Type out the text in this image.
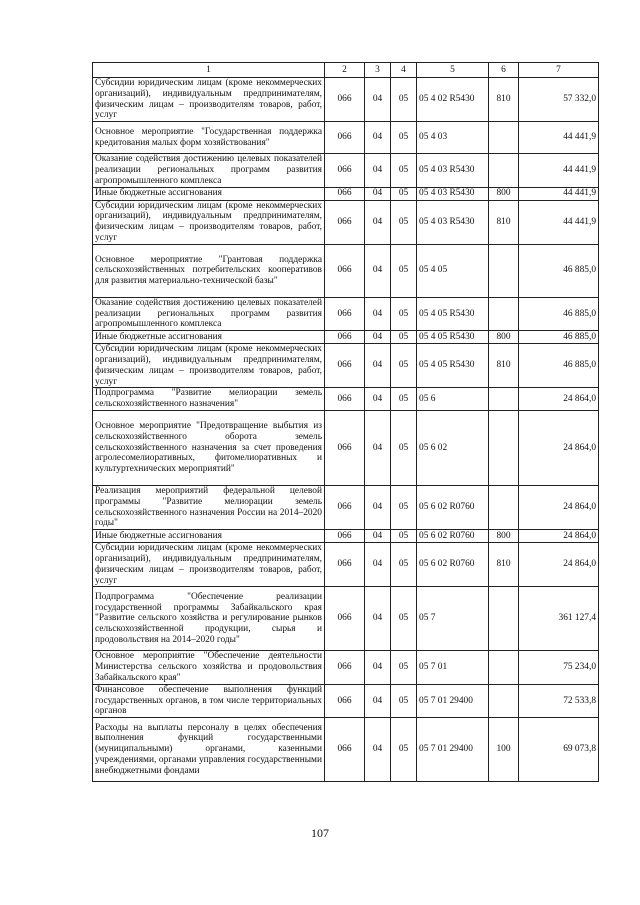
1	2	3	4	5	6	7
Субсидии юридическим лицам (кроме некоммерческих организаций), индивидуальным предпринимателям, физическим лицам – производителям товаров, работ, услуг	066	04	05	05 4 02 R5430	810	57 332,0
Основное мероприятие "Государственная поддержка кредитования малых форм хозяйствования"	066	04	05	05 4 03		44 441,9
Оказание содействия достижению целевых показателей реализации региональных программ развития агропромышленного комплекса	066	04	05	05 4 03 R5430		44 441,9
Иные бюджетные ассигнования	066	04	05	05 4 03 R5430	800	44 441,9
Субсидии юридическим лицам (кроме некоммерческих организаций), индивидуальным предпринимателям, физическим лицам – производителям товаров, работ, услуг	066	04	05	05 4 03 R5430	810	44 441,9
Основное мероприятие "Грантовая поддержка сельскохозяйственных потребительских кооперативов для развития материально-технической базы"	066	04	05	05 4 05		46 885,0
Оказание содействия достижению целевых показателей реализации региональных программ развития агропромышленного комплекса	066	04	05	05 4 05 R5430		46 885,0
Иные бюджетные ассигнования	066	04	05	05 4 05 R5430	800	46 885,0
Субсидии юридическим лицам (кроме некоммерческих организаций), индивидуальным предпринимателям, физическим лицам – производителям товаров, работ, услуг	066	04	05	05 4 05 R5430	810	46 885,0
Подпрограмма "Развитие мелиорации земель сельскохозяйственного назначения"	066	04	05	05 6		24 864,0
Основное мероприятие "Предотвращение выбытия из сельскохозяйственного оборота земель сельскохозяйственного назначения за счет проведения агролесомелиоративных, фитомелиоративных и культуртехнических мероприятий"	066	04	05	05 6 02		24 864,0
Реализация мероприятий федеральной целевой программы "Развитие мелиорации земель сельскохозяйственного назначения России на 2014–2020 годы"	066	04	05	05 6 02 R0760		24 864,0
Иные бюджетные ассигнования	066	04	05	05 6 02 R0760	800	24 864,0
Субсидии юридическим лицам (кроме некоммерческих организаций), индивидуальным предпринимателям, физическим лицам – производителям товаров, работ, услуг	066	04	05	05 6 02 R0760	810	24 864,0
Подпрограмма "Обеспечение реализации государственной программы Забайкальского края "Развитие сельского хозяйства и регулирование рынков сельскохозяйственной продукции, сырья и продовольствия на 2014–2020 годы"	066	04	05	05 7		361 127,4
Основное мероприятие "Обеспечение деятельности Министерства сельского хозяйства и продовольствия Забайкальского края"	066	04	05	05 7 01		75 234,0
Финансовое обеспечение выполнения функций государственных органов, в том числе территориальных органов	066	04	05	05 7 01 29400		72 533,8
Расходы на выплаты персоналу в целях обеспечения выполнения функций государственными (муниципальными) органами, казенными учреждениями, органами управления государственными внебюджетными фондами	066	04	05	05 7 01 29400	100	69 073,8
107
